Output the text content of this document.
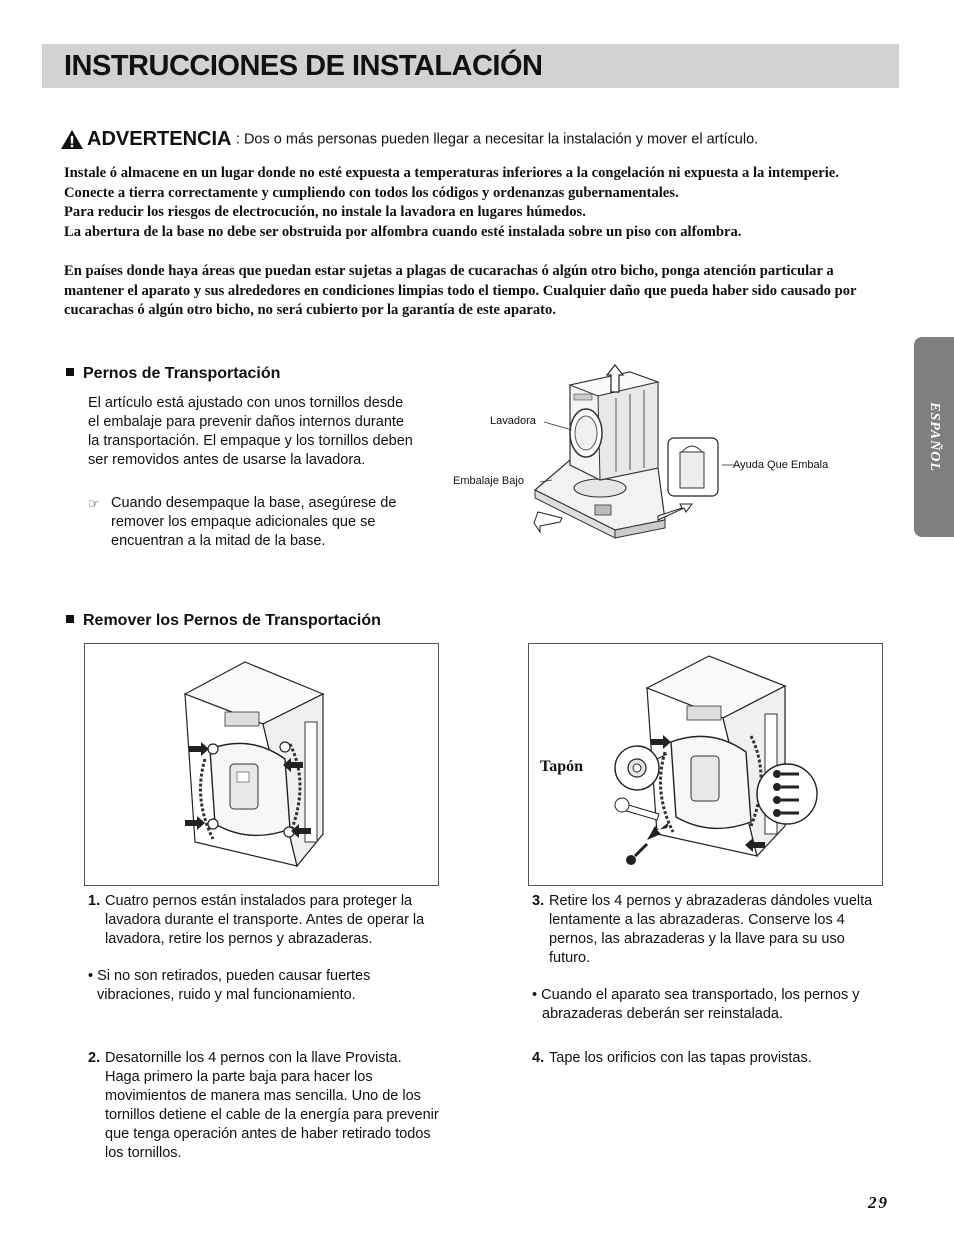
INSTRUCCIONES DE INSTALACIÓN
ADVERTENCIA : Dos o más personas pueden llegar a necesitar la instalación y mover el artículo.

Instale ó almacene en un lugar donde no esté expuesta a temperaturas inferiores a la congelación ni expuesta a la intemperie.

Conecte a tierra correctamente y cumpliendo con todos los códigos y ordenanzas gubernamentales.

Para reducir los riesgos de electrocución, no instale la lavadora en lugares húmedos.

La abertura de la base no debe ser obstruida por alfombra cuando esté instalada sobre un piso con alfombra.

En países donde haya áreas que puedan estar sujetas a plagas de cucarachas ó algún otro bicho, ponga atención particular a mantener el aparato y sus alrededores en condiciones limpias todo el tiempo. Cualquier daño que pueda haber sido causado por cucarachas ó algún otro bicho, no será cubierto por la garantía de este aparato.

ESPAÑOL
Pernos de Transportación
El artículo está ajustado con unos tornillos desde el embalaje para prevenir daños internos durante la transportación. El empaque y los tornillos deben ser removidos antes de usarse la lavadora.
☞ Cuando desempaque la base, asegúrese de remover los empaque adicionales que se encuentran a la mitad de la base.
Lavadora
Embalaje Bajo
Ayuda Que Embala
Remover los Pernos de Transportación
Tapón
1. Cuatro pernos están instalados para proteger la lavadora durante el transporte. Antes de operar la lavadora, retire los pernos y abrazaderas.
• Si no son retirados, pueden causar fuertes vibraciones, ruido y mal funcionamiento.
2. Desatornille los 4 pernos con la llave Provista. Haga primero la parte baja para hacer los movimientos de manera mas sencilla. Uno de los tornillos detiene el cable de la energía para prevenir que tenga operación antes de haber retirado todos los tornillos.
3. Retire los 4 pernos y abrazaderas dándoles vuelta lentamente a las abrazaderas. Conserve los 4 pernos, las abrazaderas y la llave para su uso futuro.
• Cuando el aparato sea transportado, los pernos y abrazaderas deberán ser reinstalada.
4. Tape los orificios con las tapas provistas.
29
